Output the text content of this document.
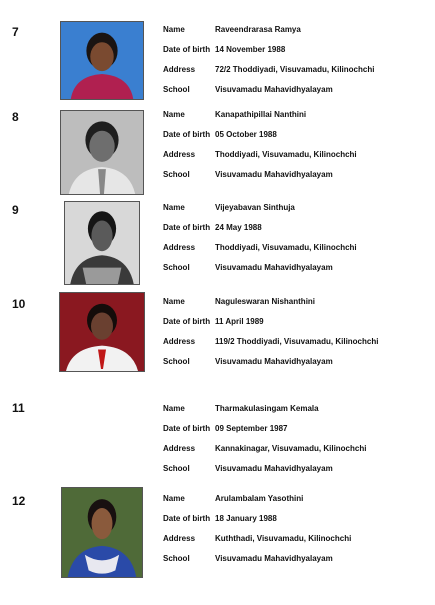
7	Name	Raveendrarasa Ramya
Date of birth 14 November 1988
Address	72/2 Thoddiyadi, Visuvamadu, Kilinochchi
School	Visuvamadu Mahavidhyalayam
8	Name	Kanapathipillai Nanthini
Date of birth 05 October 1988
Address	Thoddiyadi, Visuvamadu, Kilinochchi
School	Visuvamadu Mahavidhyalayam
9	Name	Vijeyabavan Sinthuja
Date of birth 24 May 1988
Address	Thoddiyadi, Visuvamadu, Kilinochchi
School	Visuvamadu Mahavidhyalayam
10	Name	Naguleswaran Nishanthini
Date of birth 11 April 1989
Address	119/2 Thoddiyadi, Visuvamadu, Kilinochchi
School	Visuvamadu Mahavidhyalayam
11	Name	Tharmakulasingam Kemala
Date of birth 09 September 1987
Address	Kannakinagar, Visuvamadu, Kilinochchi
School	Visuvamadu Mahavidhyalayam
12	Name	Arulambalam Yasothini
Date of birth 18 January 1988
Address	Kuththadi, Visuvamadu, Kilinochchi
School	Visuvamadu Mahavidhyalayam
